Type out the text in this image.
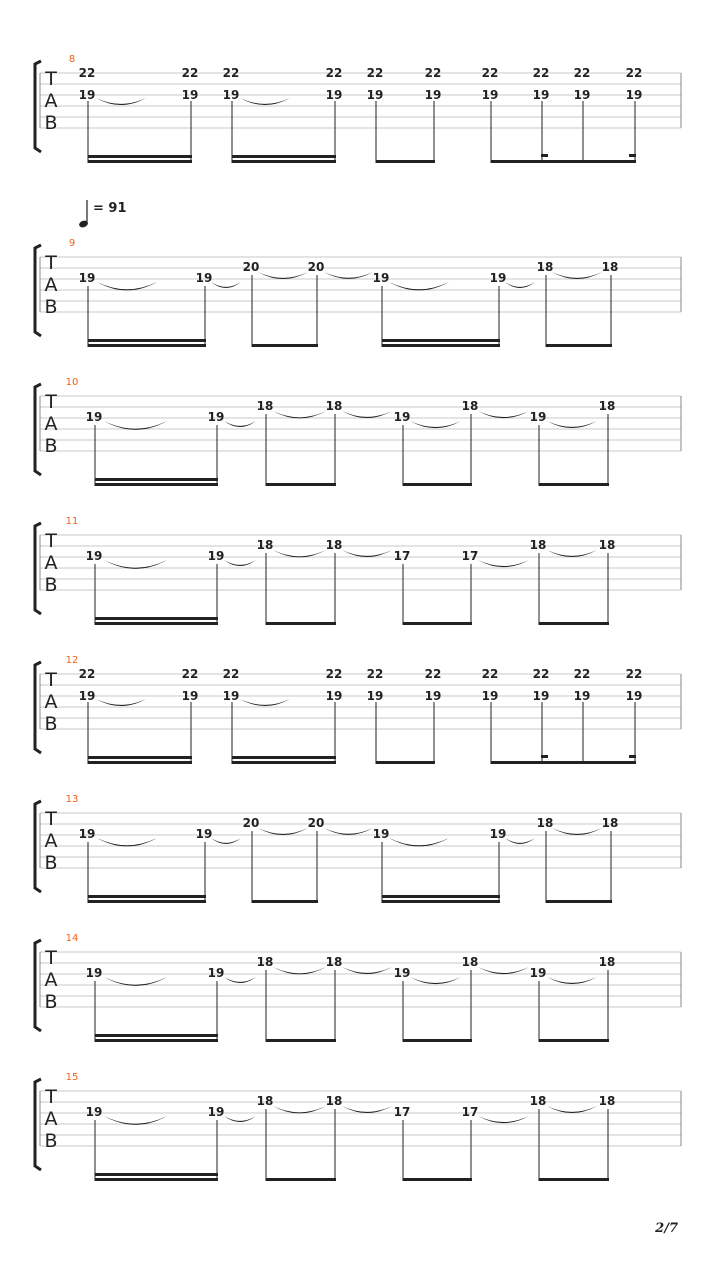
T
A
B
8
22
19
22
19
22
19
22
19
22
19
22
19
22
19
22
19
22
19
22
19
T
A
B
9
19	19
20	20
19	19
18	18
T
A
B
10
19	19
18	18
19
18
19
18
T
A
B
11
19	19
18	18
17	17
18	18
T
A
B
12
22
19
22
19
22
19
22
19
22
19
22
19
22
19
22
19
22
19
22
19
T
A
B
13
19	19
20	20
19	19
18	18
T
A
B
14
19	19
18	18
19
18
19
18
T
A
B
15
19	19
18	18
17	17
18	18
= 91
2/7
